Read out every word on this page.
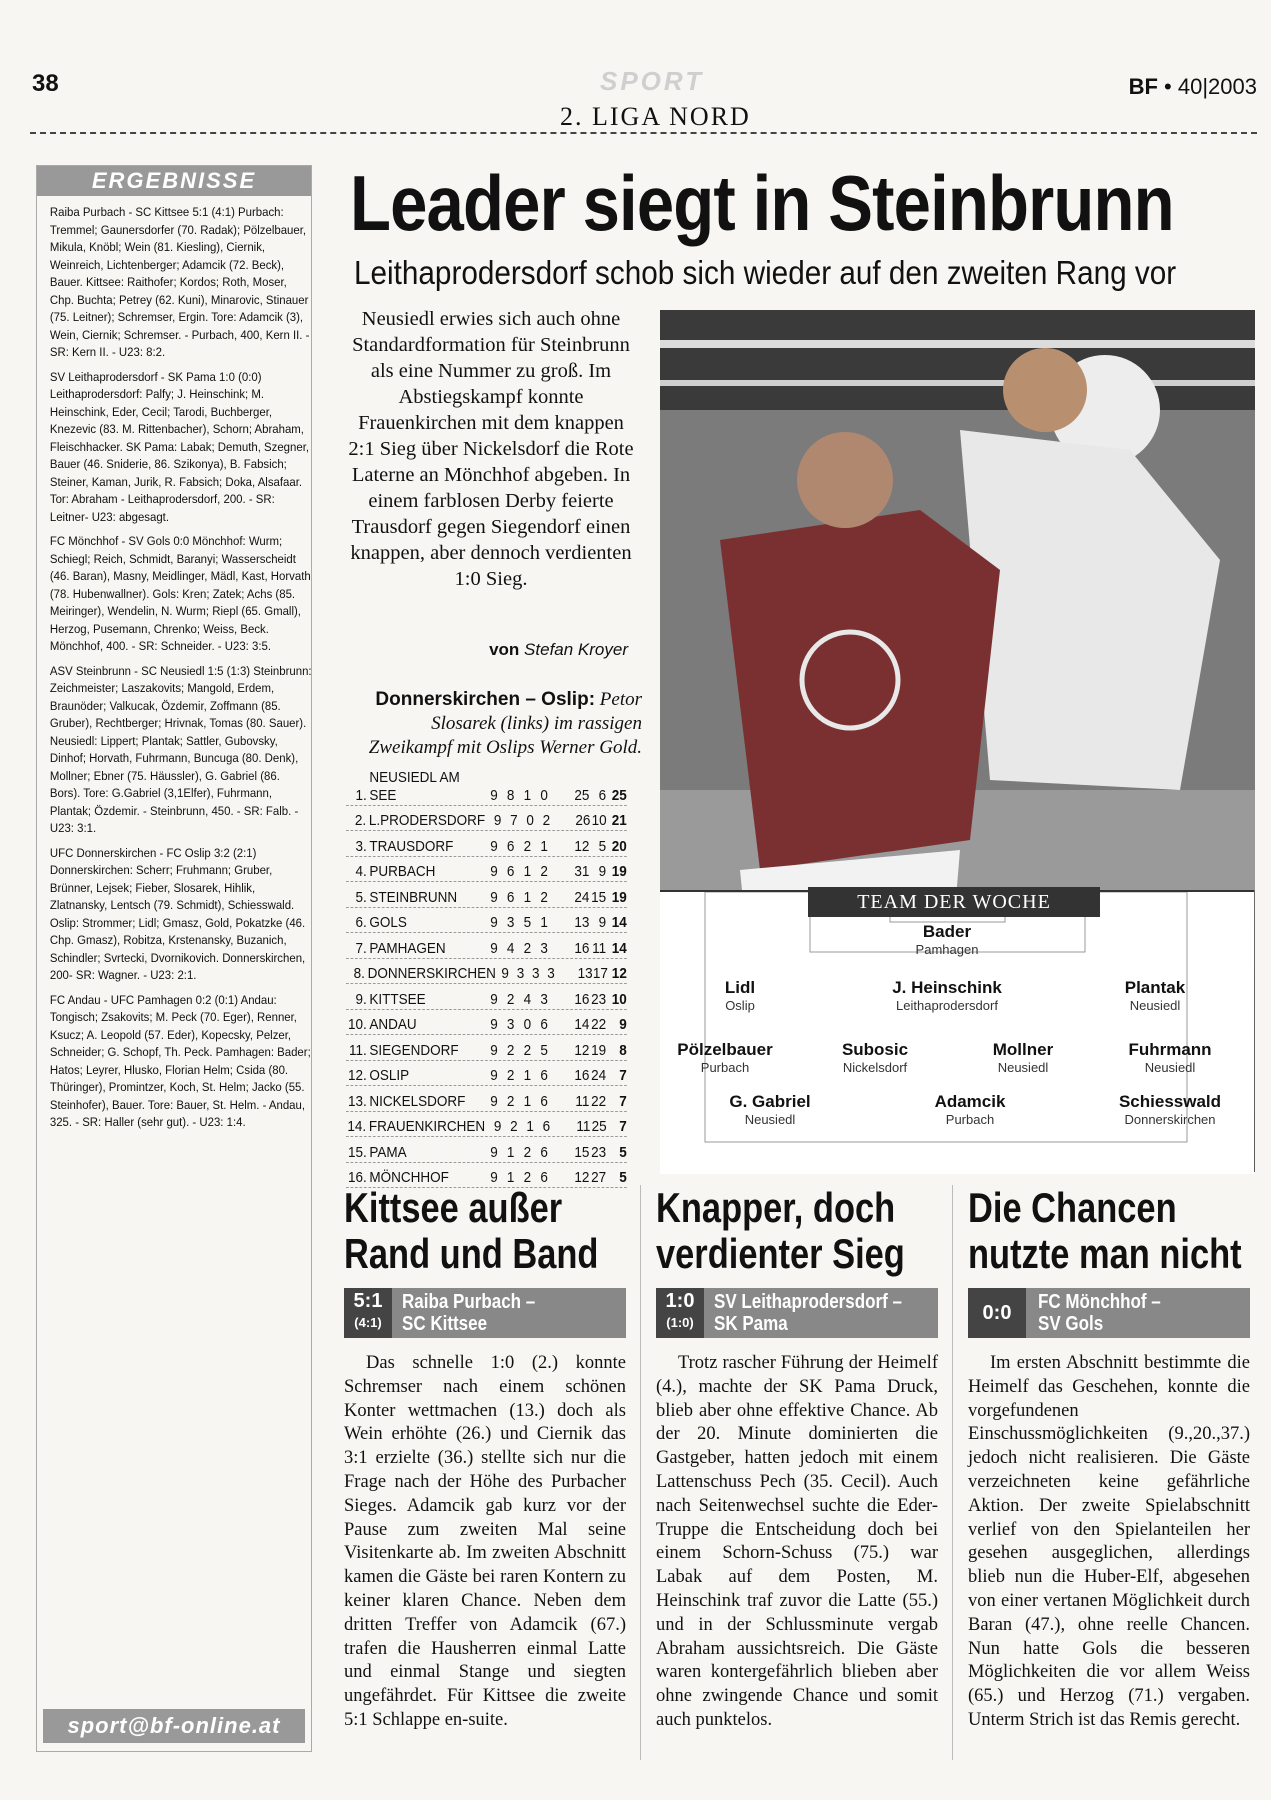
38	SPORT	BF • 40|2003
2. LIGA NORD
ERGEBNISSE

Raiba Purbach - SC Kittsee 5:1 (4:1) Purbach: Tremmel; Gaunersdorfer (70. Radak); Pölzelbauer, Mikula, Knöbl; Wein (81. Kiesling), Ciernik, Weinreich, Lichtenberger; Adamcik (72. Beck), Bauer. Kittsee: Raithofer; Kordos; Roth, Moser, Chp. Buchta; Petrey (62. Kuni), Minarovic, Stinauer (75. Leitner); Schremser, Ergin. Tore: Adamcik (3), Wein, Ciernik; Schremser. - Purbach, 400, Kern II. - SR: Kern II. - U23: 8:2.

SV Leithaprodersdorf - SK Pama 1:0 (0:0) Leithaprodersdorf: Palfy; J. Heinschink; M. Heinschink, Eder, Cecil; Tarodi, Buchberger, Knezevic (83. M. Rittenbacher), Schorn; Abraham, Fleischhacker. SK Pama: Labak; Demuth, Szegner, Bauer (46. Sniderie, 86. Szikonya), B. Fabsich; Steiner, Kaman, Jurik, R. Fabsich; Doka, Alsafaar. Tor: Abraham - Leithaprodersdorf, 200. - SR: Leitner- U23: abgesagt.

FC Mönchhof - SV Gols 0:0 Mönchhof: Wurm; Schiegl; Reich, Schmidt, Baranyi; Wasserscheidt (46. Baran), Masny, Meidlinger, Mädl, Kast, Horvath (78. Hubenwallner). Gols: Kren; Zatek; Achs (85. Meiringer), Wendelin, N. Wurm; Riepl (65. Gmall), Herzog, Pusemann, Chrenko; Weiss, Beck. Mönchhof, 400. - SR: Schneider. - U23: 3:5.

ASV Steinbrunn - SC Neusiedl 1:5 (1:3) Steinbrunn: Zeichmeister; Laszakovits; Mangold, Erdem, Braunöder; Valkucak, Özdemir, Zoffmann (85. Gruber), Rechtberger; Hrivnak, Tomas (80. Sauer). Neusiedl: Lippert; Plantak; Sattler, Gubovsky, Dinhof; Horvath, Fuhrmann, Buncuga (80. Denk), Mollner; Ebner (75. Häussler), G. Gabriel (86. Bors). Tore: G.Gabriel (3,1Elfer), Fuhrmann, Plantak; Özdemir. - Steinbrunn, 450. - SR: Falb. - U23: 3:1.

UFC Donnerskirchen - FC Oslip 3:2 (2:1) Donnerskirchen: Scherr; Fruhmann; Gruber, Brünner, Lejsek; Fieber, Slosarek, Hihlik, Zlatnansky, Lentsch (79. Schmidt), Schiesswald. Oslip: Strommer; Lidl; Gmasz, Gold, Pokatzke (46. Chp. Gmasz), Robitza, Krstenansky, Buzanich, Schindler; Svrtecki, Dvornikovich. Donnerskirchen, 200- SR: Wagner. - U23: 2:1.

FC Andau - UFC Pamhagen 0:2 (0:1) Andau: Tongisch; Zsakovits; M. Peck (70. Eger), Renner, Ksucz; A. Leopold (57. Eder), Kopecsky, Pelzer, Schneider; G. Schopf, Th. Peck. Pamhagen: Bader; Hatos; Leyrer, Hlusko, Florian Helm; Csida (80. Thüringer), Promintzer, Koch, St. Helm; Jacko (55. Steinhofer), Bauer. Tore: Bauer, St. Helm. - Andau, 325. - SR: Haller (sehr gut). - U23: 1:4.

sport@bf-online.at
Leader siegt in Steinbrunn
Leithaprodersdorf schob sich wieder auf den zweiten Rang vor
Neusiedl erwies sich auch ohne Standardformation für Steinbrunn als eine Nummer zu groß. Im Abstiegskampf konnte Frauenkirchen mit dem knappen 2:1 Sieg über Nickelsdorf die Rote Laterne an Mönchhof abgeben. In einem farblosen Derby feierte Trausdorf gegen Siegendorf einen knappen, aber dennoch verdienten 1:0 Sieg.
von Stefan Kroyer
Donnerskirchen – Oslip: Petor Slosarek (links) im rassigen Zweikampf mit Oslips Werner Gold.
1.
NEUSIEDL AM SEE	9 8 1 0	25 6 25
2. L.PRODERSDORF 9 7 0 2	26 10 21
3. TRAUSDORF	9 6 2 1	12 5 20
4. PURBACH	9 6 1 2	31 9 19
5. STEINBRUNN	9 6 1 2	24 15 19
6. GOLS	9 3 5 1	13 9 14
7. PAMHAGEN	9 4 2 3	16 11 14
8. DONNERSKIRCHEN 9 3 3 3	13 17 12
9. KITTSEE	9 2 4 3	16 23 10
10. ANDAU	9 3 0 6	14 22 9
11. SIEGENDORF	9 2 2 5	12 19 8
12. OSLIP	9 2 1 6	16 24 7
13. NICKELSDORF	9 2 1 6	11 22 7
14. FRAUENKIRCHEN 9 2 1 6	11 25 7
15. PAMA	9 1 2 6	15 23 5
16. MÖNCHHOF	9 1 2 6	12 27 5
Bader
Pamhagen
Lidl
Oslip
J. Heinschink
Leithaprodersdorf
Plantak
Neusiedl
Pölzelbauer
Purbach
Subosic
Nickelsdorf
Mollner
Neusiedl
Fuhrmann
Neusiedl
G. Gabriel
Neusiedl
Adamcik
Purbach
Schiesswald
Donnerskirchen
TEAM DER WOCHE
Kittsee außer
Rand und Band
5:1
(4:1)
Raiba Purbach –
SC Kittsee

Das schnelle 1:0 (2.) konnte Schremser nach einem schönen Konter wettmachen (13.) doch als Wein erhöhte (26.) und Ciernik das 3:1 erzielte (36.) stellte sich nur die Frage nach der Höhe des Purbacher Sieges. Adamcik gab kurz vor der Pause zum zweiten Mal seine Visitenkarte ab. Im zweiten Abschnitt kamen die Gäste bei raren Kontern zu keiner klaren Chance. Neben dem dritten Treffer von Adamcik (67.) trafen die Hausherren einmal Latte und einmal Stange und siegten ungefährdet. Für Kittsee die zweite 5:1 Schlappe en-suite.

Knapper, doch
verdienter Sieg
1:0
(1:0)
SV Leithaprodersdorf –
SK Pama

Trotz rascher Führung der Heimelf (4.), machte der SK Pama Druck, blieb aber ohne effektive Chance. Ab der 20. Minute dominierten die Gastgeber, hatten jedoch mit einem Lattenschuss Pech (35. Cecil). Auch nach Seitenwechsel suchte die Eder-Truppe die Entscheidung doch bei einem Schorn-Schuss (75.) war Labak auf dem Posten, M. Heinschink traf zuvor die Latte (55.) und in der Schlussminute vergab Abraham aussichtsreich. Die Gäste waren kontergefährlich blieben aber ohne zwingende Chance und somit auch punktelos.

Die Chancen
nutzte man nicht
0:0	FC Mönchhof –
SV Gols

Im ersten Abschnitt bestimmte die Heimelf das Geschehen, konnte die vorgefundenen Einschussmöglichkeiten (9.,20.,37.) jedoch nicht realisieren. Die Gäste verzeichneten keine gefährliche Aktion. Der zweite Spielabschnitt verlief von den Spielanteilen her gesehen ausgeglichen, allerdings blieb nun die Huber-Elf, abgesehen von einer vertanen Möglichkeit durch Baran (47.), ohne reelle Chancen. Nun hatte Gols die besseren Möglichkeiten die vor allem Weiss (65.) und Herzog (71.) vergaben. Unterm Strich ist das Remis gerecht.
